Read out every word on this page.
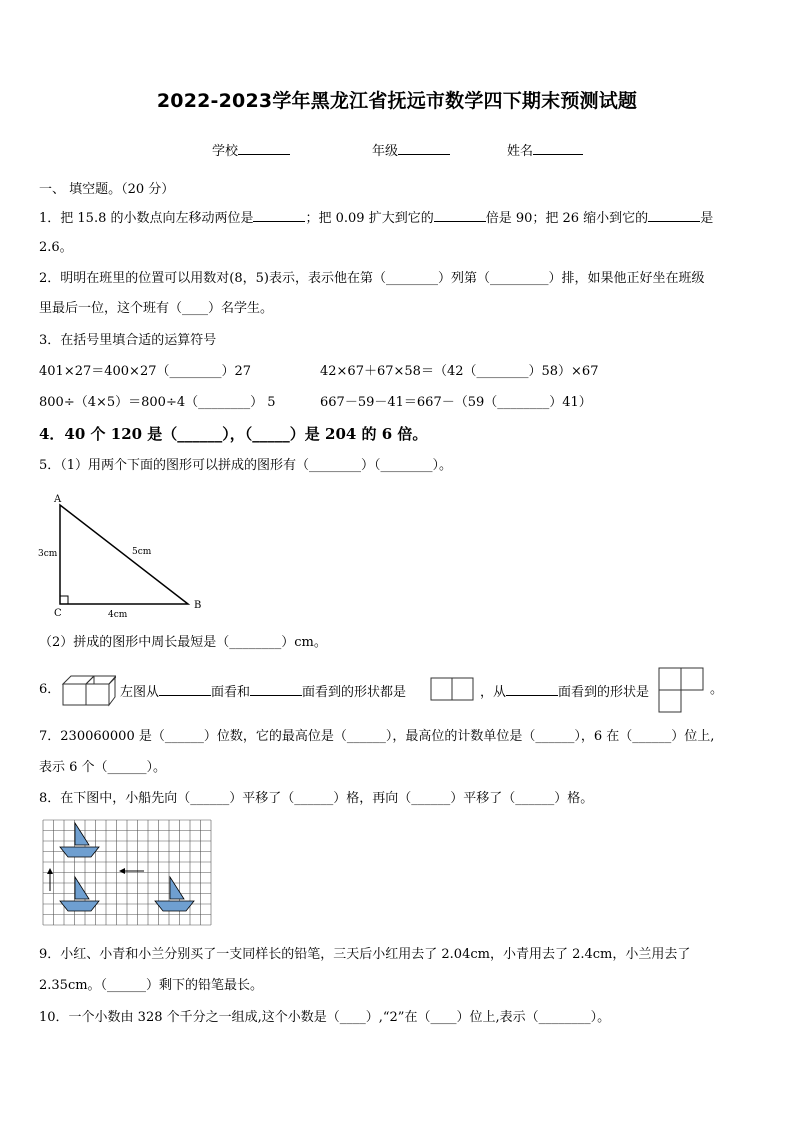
2022-2023学年黑龙江省抚远市数学四下期末预测试题
学校	年级	姓名
一、 填空题。（20 分）
1．把 15.8 的小数点向左移动两位是	；把 0.09 扩大到它的	倍是 90；把 26 缩小到它的	是
2.6。
2．明明在班里的位置可以用数对(8，5)表示，表示他在第（________）列第（_________）排，如果他正好坐在班级
里最后一位，这个班有（____）名学生。
3．在括号里填合适的运算符号
401×27＝400×27（________）27	42×67＋67×58＝（42（________）58）×67
800÷（4×5）＝800÷4（________） 5	667－59－41＝667－（59（________）41）
4．40 个 120 是（______），（_____）是 204 的 6 倍。
5．（1）用两个下面的图形可以拼成的图形有（________）（________）。
A
B
C
3cm	5cm
4cm
（2）拼成的图形中周长最短是（________）cm。
6．	左图从	面看和	面看到的形状都是	，从	面看到的形状是	。
7．230060000 是（______）位数，它的最高位是（______），最高位的计数单位是（______），6 在（______）位上,
表示 6 个（______）。
8．在下图中，小船先向（______）平移了（______）格，再向（______）平移了（______）格。
9．小红、小青和小兰分别买了一支同样长的铅笔，三天后小红用去了 2.04cm，小青用去了 2.4cm，小兰用去了
2.35cm。（______）剩下的铅笔最长。
10．一个小数由 328 个千分之一组成,这个小数是（____）,“2”在（____）位上,表示（________）。
